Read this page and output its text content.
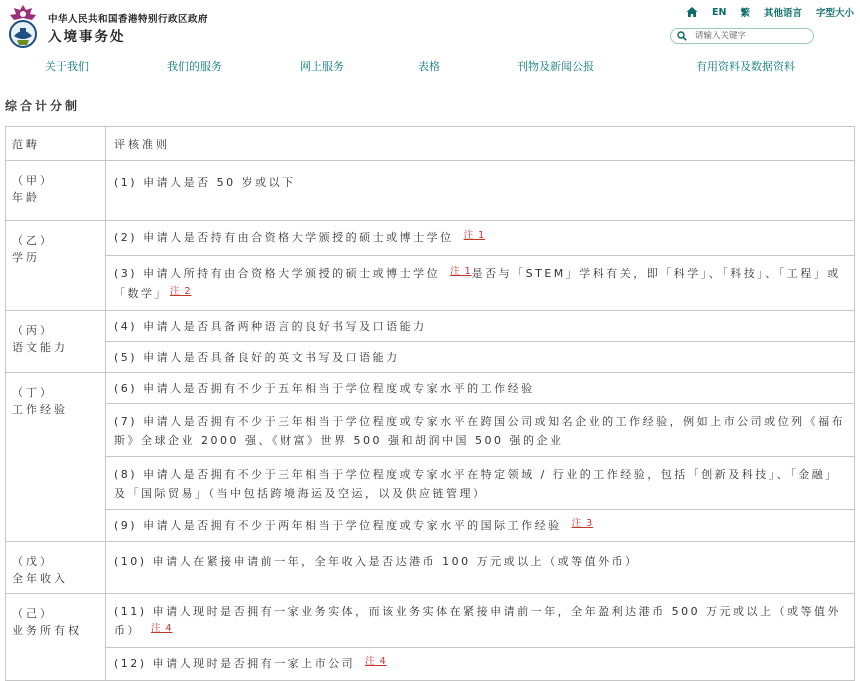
中华人民共和国香港特别行政区政府
入境事务处
EN 繁 其他语言 字型大小
请输入关键字
关于我们	我们的服务	网上服务	表格	刊物及新闻公报	有用资料及数据资料
综合计分制
范畴	评核准则

（甲）
年龄	(1) 申请人是否 50 岁或以下

（乙）
学历	(2) 申请人是否持有由合资格大学颁授的硕士或博士学位 注 1
	(3) 申请人所持有由合资格大学颁授的硕士或博士学位 注 1是否与「STEM」学科有关，即「科学」、「科技」、「工程」或「数学」 注 2

（丙）
语文能力	(4) 申请人是否具备两种语言的良好书写及口语能力
	(5) 申请人是否具备良好的英文书写及口语能力

（丁）
工作经验	(6) 申请人是否拥有不少于五年相当于学位程度或专家水平的工作经验
	(7) 申请人是否拥有不少于三年相当于学位程度或专家水平在跨国公司或知名企业的工作经验，例如上市公司或位列《福布斯》全球企业 2000 强、《财富》世界 500 强和胡润中国 500 强的企业
	(8) 申请人是否拥有不少于三年相当于学位程度或专家水平在特定领域 / 行业的工作经验，包括「创新及科技」、「金融」及「国际贸易」（当中包括跨境海运及空运，以及供应链管理）
	(9) 申请人是否拥有不少于两年相当于学位程度或专家水平的国际工作经验 注 3

（戊）
全年收入	(10) 申请人在紧接申请前一年，全年收入是否达港币 100 万元或以上（或等值外币）

（己）
业务所有权	(11) 申请人现时是否拥有一家业务实体，而该业务实体在紧接申请前一年，全年盈利达港币 500 万元或以上（或等值外币） 注 4
	(12) 申请人现时是否拥有一家上市公司 注 4
